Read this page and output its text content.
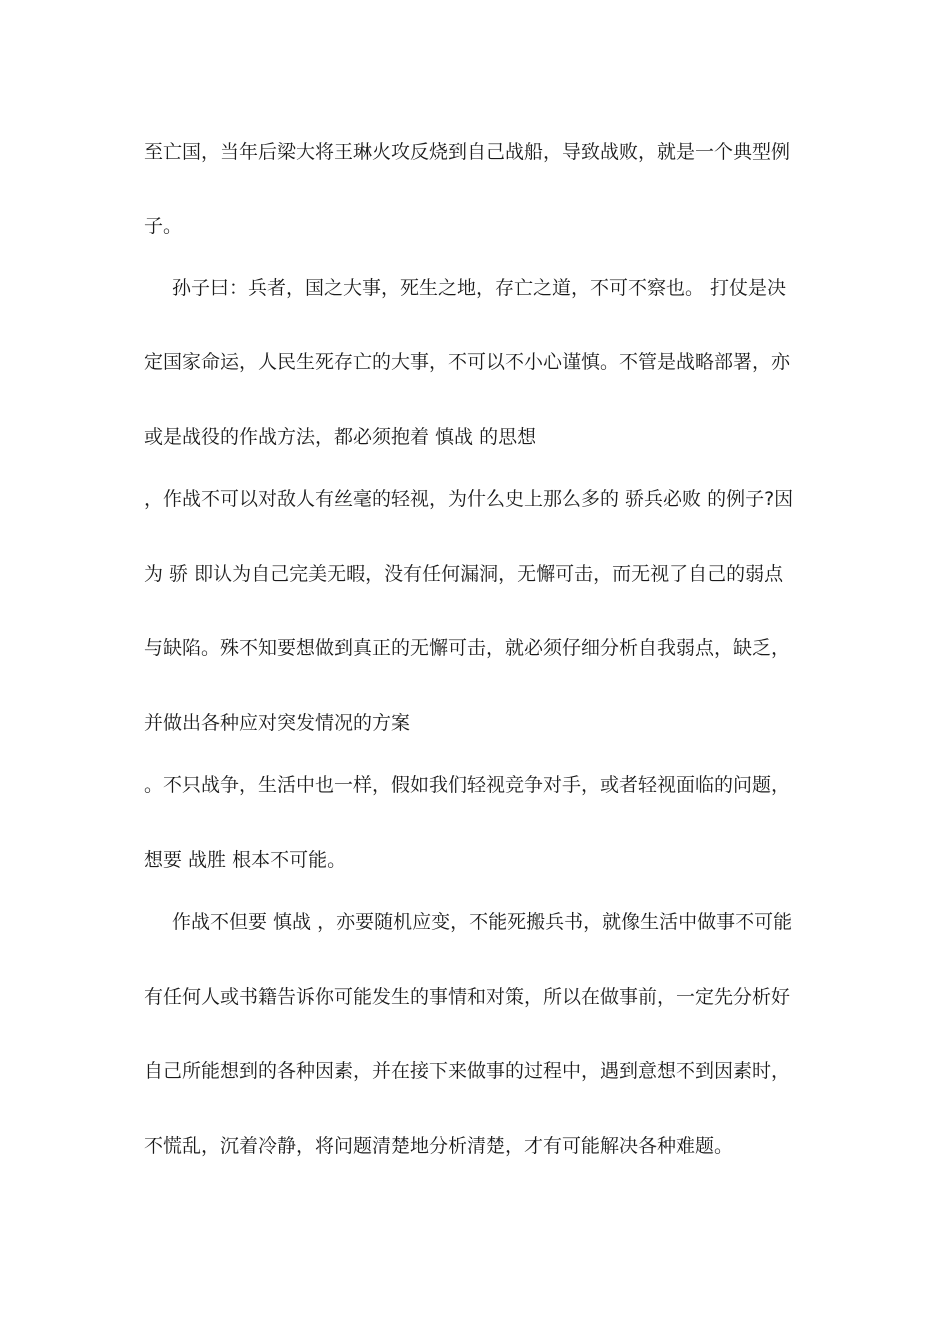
至亡国，当年后梁大将王琳火攻反烧到自己战船，导致战败，就是一个典型例
子。
孙子曰：兵者，国之大事，死生之地，存亡之道，不可不察也。 打仗是决
定国家命运，人民生死存亡的大事，不可以不小心谨慎。不管是战略部署，亦
或是战役的作战方法，都必须抱着 慎战 的思想
，作战不可以对敌人有丝毫的轻视，为什么史上那么多的 骄兵必败 的例子?因
为 骄 即认为自己完美无暇，没有任何漏洞，无懈可击，而无视了自己的弱点
与缺陷。殊不知要想做到真正的无懈可击，就必须仔细分析自我弱点，缺乏，
并做出各种应对突发情况的方案
。不只战争，生活中也一样，假如我们轻视竞争对手，或者轻视面临的问题，
想要 战胜 根本不可能。
作战不但要 慎战 ，亦要随机应变，不能死搬兵书，就像生活中做事不可能
有任何人或书籍告诉你可能发生的事情和对策，所以在做事前，一定先分析好
自己所能想到的各种因素，并在接下来做事的过程中，遇到意想不到因素时，
不慌乱，沉着冷静，将问题清楚地分析清楚，才有可能解决各种难题。
